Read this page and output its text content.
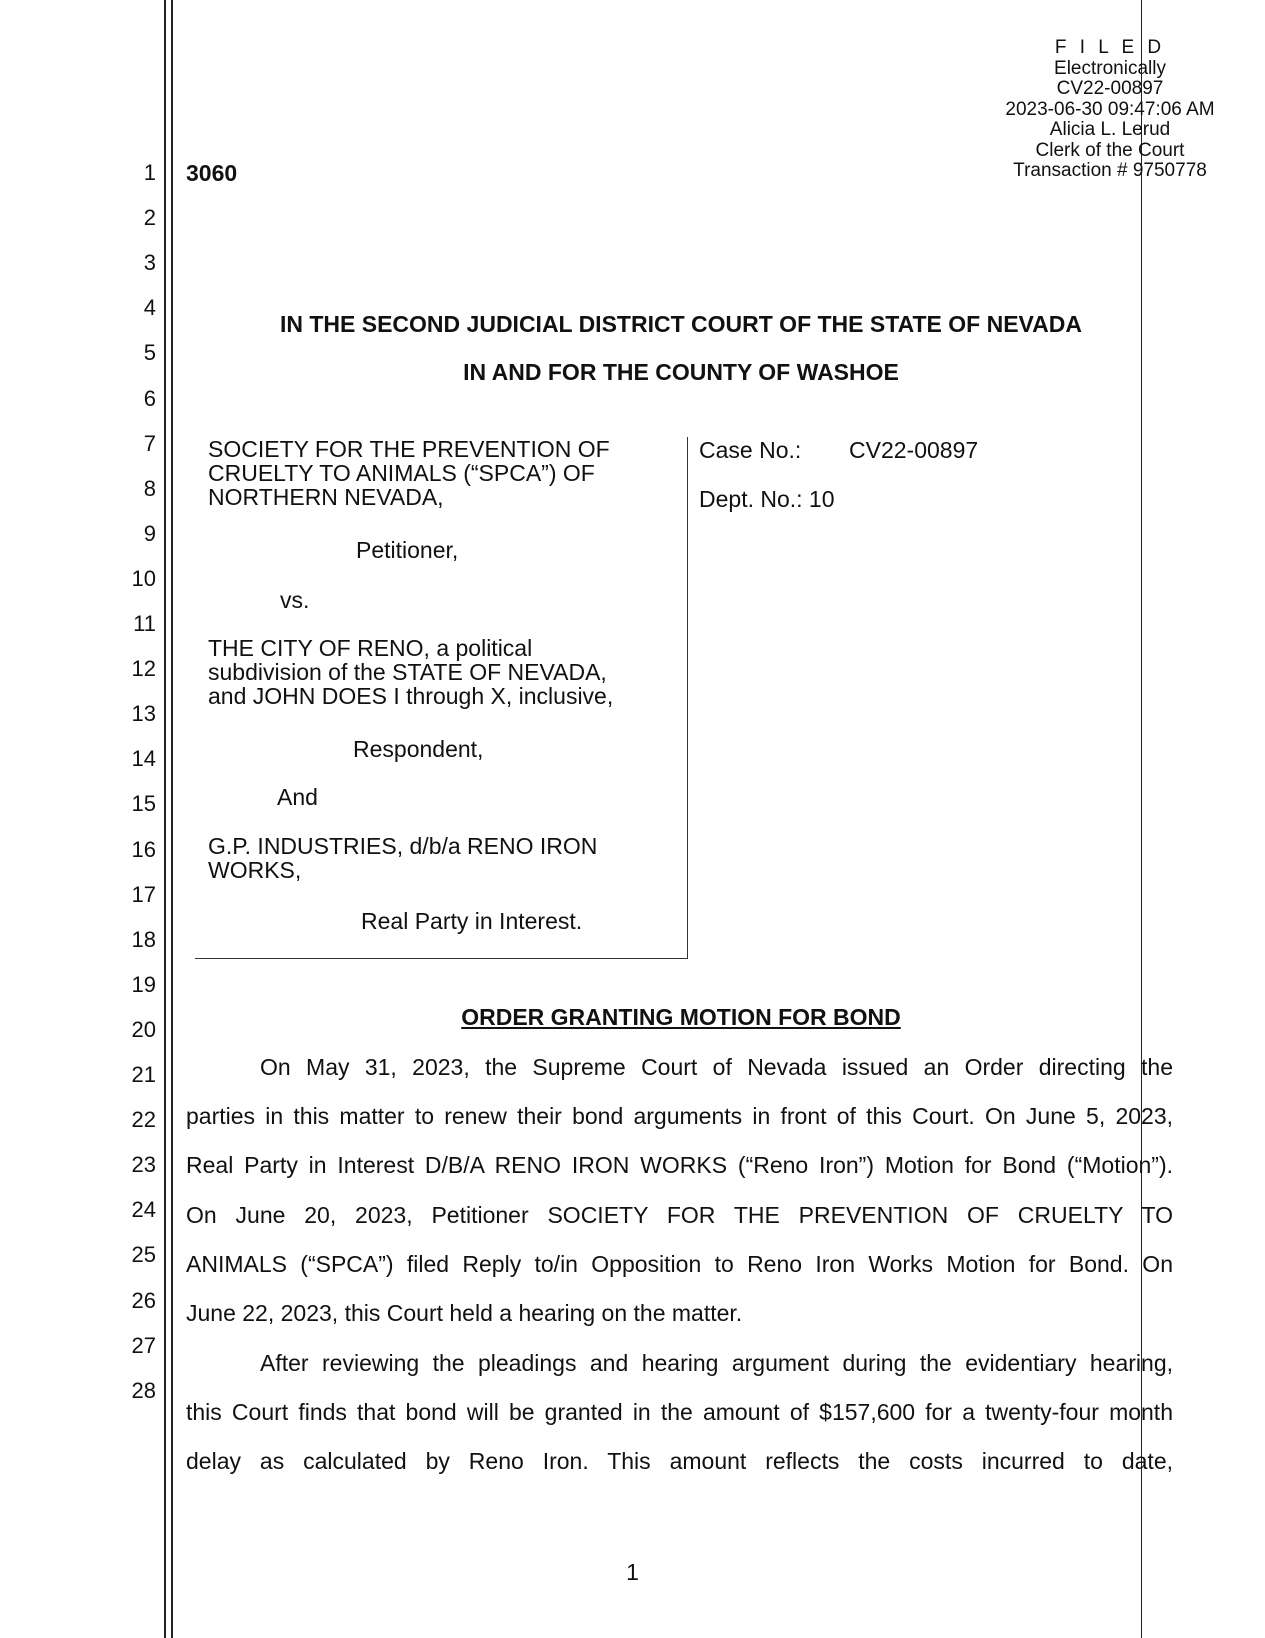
1
2
3
4
5
6
7
8
9
10
11
12
13
14
15
16
17
18
19
20
21
22
23
24
25
26
27
28
F I L E D
Electronically
CV22-00897
2023-06-30 09:47:06 AM
Alicia L. Lerud
Clerk of the Court
Transaction # 9750778
3060
IN THE SECOND JUDICIAL DISTRICT COURT OF THE STATE OF NEVADA
IN AND FOR THE COUNTY OF WASHOE
SOCIETY FOR THE PREVENTION OF
CRUELTY TO ANIMALS (“SPCA”) OF
NORTHERN NEVADA,
Petitioner,
vs.
THE CITY OF RENO, a political
subdivision of the STATE OF NEVADA,
and JOHN DOES I through X, inclusive,
Respondent,
And
G.P. INDUSTRIES, d/b/a RENO IRON
WORKS,
Real Party in Interest.
Case No.: CV22-00897
Dept. No.: 10
ORDER GRANTING MOTION FOR BOND
On May 31, 2023, the Supreme Court of Nevada issued an Order directing the
parties in this matter to renew their bond arguments in front of this Court. On June 5, 2023,
Real Party in Interest D/B/A RENO IRON WORKS (“Reno Iron”) Motion for Bond (“Motion”).
On June 20, 2023, Petitioner SOCIETY FOR THE PREVENTION OF CRUELTY TO
ANIMALS (“SPCA”) filed Reply to/in Opposition to Reno Iron Works Motion for Bond. On
June 22, 2023, this Court held a hearing on the matter.
After reviewing the pleadings and hearing argument during the evidentiary hearing,
this Court finds that bond will be granted in the amount of $157,600 for a twenty-four month
delay as calculated by Reno Iron. This amount reflects the costs incurred to date,
1
